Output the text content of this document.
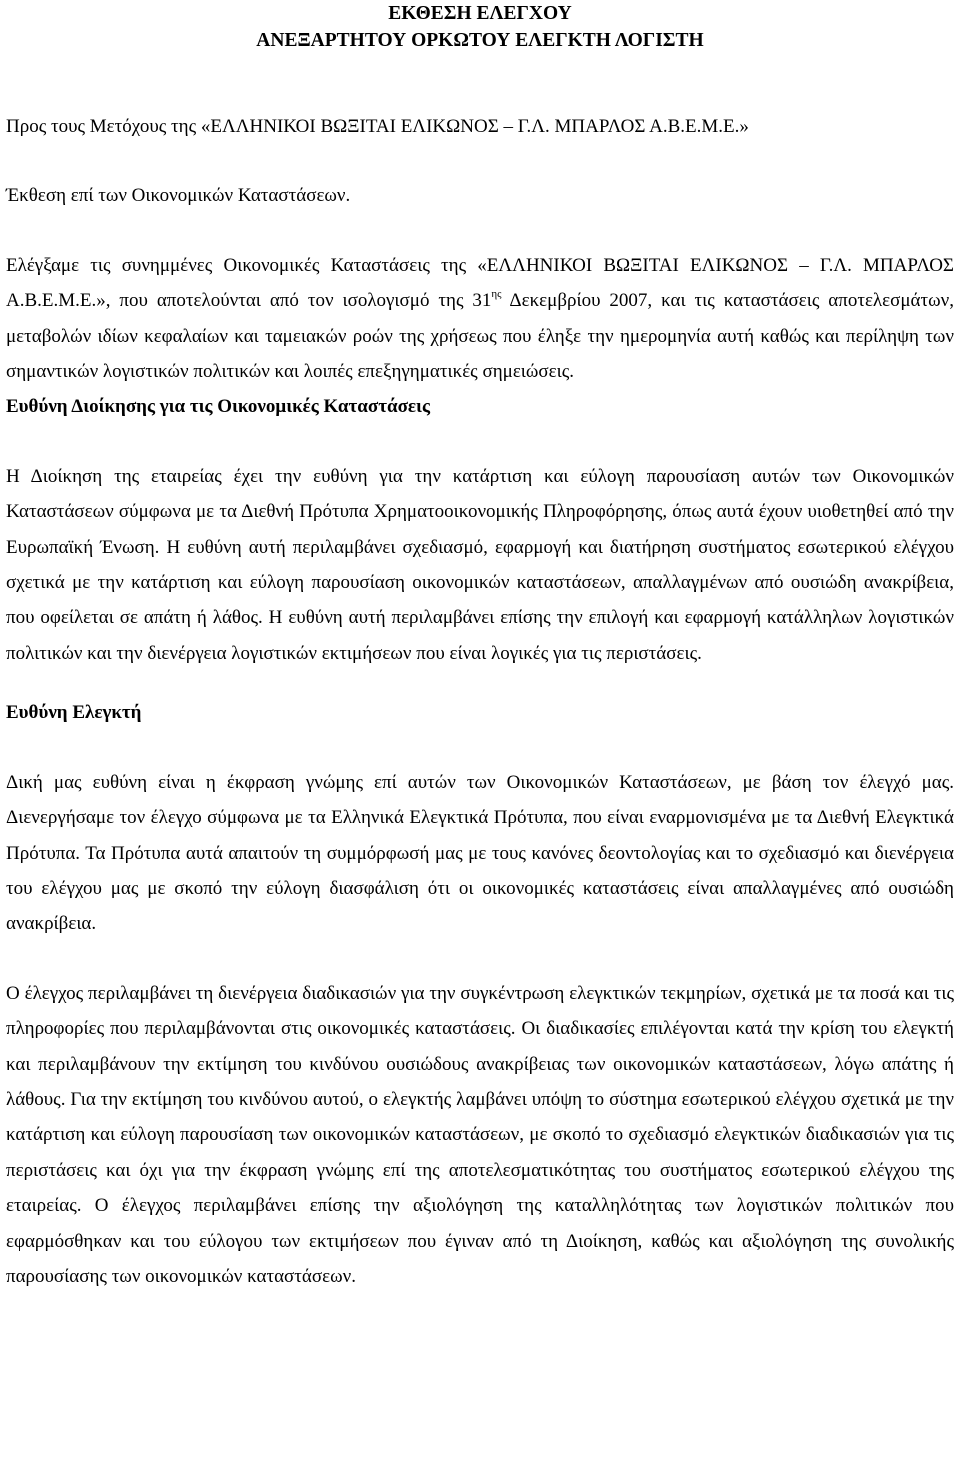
ΕΚΘΕΣΗ ΕΛΕΓΧΟΥ

ΑΝΕΞΑΡΤΗΤΟΥ ΟΡΚΩΤΟΥ ΕΛΕΓΚΤΗ ΛΟΓΙΣΤΗ

Προς τους Μετόχους της «ΕΛΛΗΝΙΚΟΙ ΒΩΞΙΤΑΙ ΕΛΙΚΩΝΟΣ – Γ.Λ. ΜΠΑΡΛΟΣ Α.Β.Ε.Μ.Ε.»

Έκθεση επί των Οικονομικών Καταστάσεων.

Ελέγξαμε τις συνημμένες Οικονομικές Καταστάσεις της «ΕΛΛΗΝΙΚΟΙ ΒΩΞΙΤΑΙ ΕΛΙΚΩΝΟΣ – Γ.Λ. ΜΠΑΡΛΟΣ Α.Β.Ε.Μ.Ε.», που αποτελούνται από τον ισολογισμό της $31^{\eta\varsigma}$ Δεκεμβρίου 2007, και τις καταστάσεις αποτελεσμάτων, μεταβολών ιδίων κεφαλαίων και ταμειακών ροών της χρήσεως που έληξε την ημερομηνία αυτή καθώς και περίληψη των σημαντικών λογιστικών πολιτικών και λοιπές επεξηγηματικές σημειώσεις.

Ευθύνη Διοίκησης για τις Οικονομικές Καταστάσεις

Η Διοίκηση της εταιρείας έχει την ευθύνη για την κατάρτιση και εύλογη παρουσίαση αυτών των Οικονομικών Καταστάσεων σύμφωνα με τα Διεθνή Πρότυπα Χρηματοοικονομικής Πληροφόρησης, όπως αυτά έχουν υιοθετηθεί από την Ευρωπαϊκή Ένωση. Η ευθύνη αυτή περιλαμβάνει σχεδιασμό, εφαρμογή και διατήρηση συστήματος εσωτερικού ελέγχου σχετικά με την κατάρτιση και εύλογη παρουσίαση οικονομικών καταστάσεων, απαλλαγμένων από ουσιώδη ανακρίβεια, που οφείλεται σε απάτη ή λάθος. Η ευθύνη αυτή περιλαμβάνει επίσης την επιλογή και εφαρμογή κατάλληλων λογιστικών πολιτικών και την διενέργεια λογιστικών εκτιμήσεων που είναι λογικές για τις περιστάσεις.

Ευθύνη Ελεγκτή

Δική μας ευθύνη είναι η έκφραση γνώμης επί αυτών των Οικονομικών Καταστάσεων, με βάση τον έλεγχό μας. Διενεργήσαμε τον έλεγχο σύμφωνα με τα Ελληνικά Ελεγκτικά Πρότυπα, που είναι εναρμονισμένα με τα Διεθνή Ελεγκτικά Πρότυπα. Τα Πρότυπα αυτά απαιτούν τη συμμόρφωσή μας με τους κανόνες δεοντολογίας και το σχεδιασμό και διενέργεια του ελέγχου μας με σκοπό την εύλογη διασφάλιση ότι οι οικονομικές καταστάσεις είναι απαλλαγμένες από ουσιώδη ανακρίβεια.

Ο έλεγχος περιλαμβάνει τη διενέργεια διαδικασιών για την συγκέντρωση ελεγκτικών τεκμηρίων, σχετικά με τα ποσά και τις πληροφορίες που περιλαμβάνονται στις οικονομικές καταστάσεις. Οι διαδικασίες επιλέγονται κατά την κρίση του ελεγκτή και περιλαμβάνουν την εκτίμηση του κινδύνου ουσιώδους ανακρίβειας των οικονομικών καταστάσεων, λόγω απάτης ή λάθους. Για την εκτίμηση του κινδύνου αυτού, ο ελεγκτής λαμβάνει υπόψη το σύστημα εσωτερικού ελέγχου σχετικά με την κατάρτιση και εύλογη παρουσίαση των οικονομικών καταστάσεων, με σκοπό το σχεδιασμό ελεγκτικών διαδικασιών για τις περιστάσεις και όχι για την έκφραση γνώμης επί της αποτελεσματικότητας του συστήματος εσωτερικού ελέγχου της εταιρείας. Ο έλεγχος περιλαμβάνει επίσης την αξιολόγηση της καταλληλότητας των λογιστικών πολιτικών που εφαρμόσθηκαν και του εύλογου των εκτιμήσεων που έγιναν από τη Διοίκηση, καθώς και αξιολόγηση της συνολικής παρουσίασης των οικονομικών καταστάσεων.
